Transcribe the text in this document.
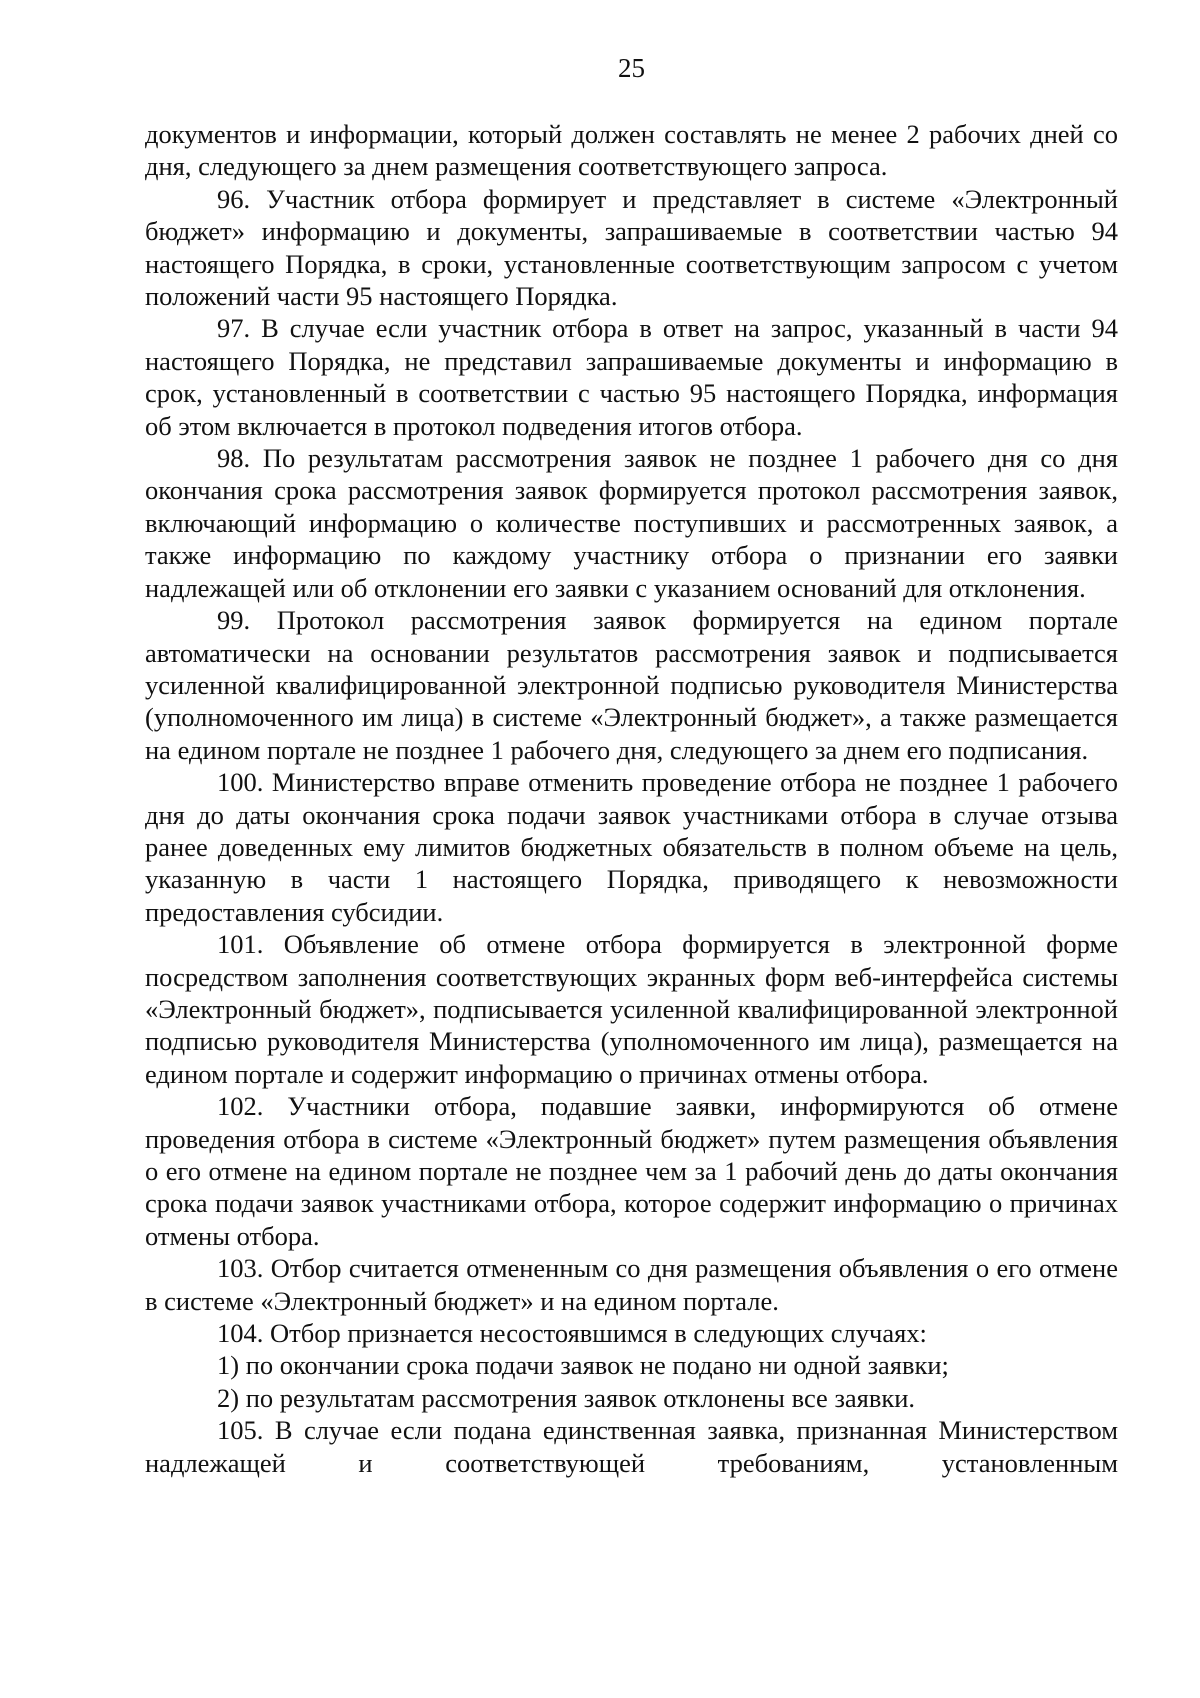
25

документов и информации, который должен составлять не менее 2 рабочих дней со дня, следующего за днем размещения соответствующего запроса.

96. Участник отбора формирует и представляет в системе «Электронный бюджет» информацию и документы, запрашиваемые в соответствии частью 94 настоящего Порядка, в сроки, установленные соответствующим запросом с учетом положений части 95 настоящего Порядка.

97. В случае если участник отбора в ответ на запрос, указанный в части 94 настоящего Порядка, не представил запрашиваемые документы и информацию в срок, установленный в соответствии с частью 95 настоящего Порядка, информация об этом включается в протокол подведения итогов отбора.

98. По результатам рассмотрения заявок не позднее 1 рабочего дня со дня окончания срока рассмотрения заявок формируется протокол рассмотрения заявок, включающий информацию о количестве поступивших и рассмотренных заявок, а также информацию по каждому участнику отбора о признании его заявки надлежащей или об отклонении его заявки с указанием оснований для отклонения.

99. Протокол рассмотрения заявок формируется на едином портале автоматически на основании результатов рассмотрения заявок и подписывается усиленной квалифицированной электронной подписью руководителя Министерства (уполномоченного им лица) в системе «Электронный бюджет», а также размещается на едином портале не позднее 1 рабочего дня, следующего за днем его подписания.

100. Министерство вправе отменить проведение отбора не позднее 1 рабочего дня до даты окончания срока подачи заявок участниками отбора в случае отзыва ранее доведенных ему лимитов бюджетных обязательств в полном объеме на цель, указанную в части 1 настоящего Порядка, приводящего к невозможности предоставления субсидии.

101. Объявление об отмене отбора формируется в электронной форме посредством заполнения соответствующих экранных форм веб-интерфейса системы «Электронный бюджет», подписывается усиленной квалифицированной электронной подписью руководителя Министерства (уполномоченного им лица), размещается на едином портале и содержит информацию о причинах отмены отбора.

102. Участники отбора, подавшие заявки, информируются об отмене проведения отбора в системе «Электронный бюджет» путем размещения объявления о его отмене на едином портале не позднее чем за 1 рабочий день до даты окончания срока подачи заявок участниками отбора, которое содержит информацию о причинах отмены отбора.

103. Отбор считается отмененным со дня размещения объявления о его отмене в системе «Электронный бюджет» и на едином портале.

104. Отбор признается несостоявшимся в следующих случаях:

1) по окончании срока подачи заявок не подано ни одной заявки;

2) по результатам рассмотрения заявок отклонены все заявки.

105. В случае если подана единственная заявка, признанная Министерством надлежащей и соответствующей требованиям, установленным
